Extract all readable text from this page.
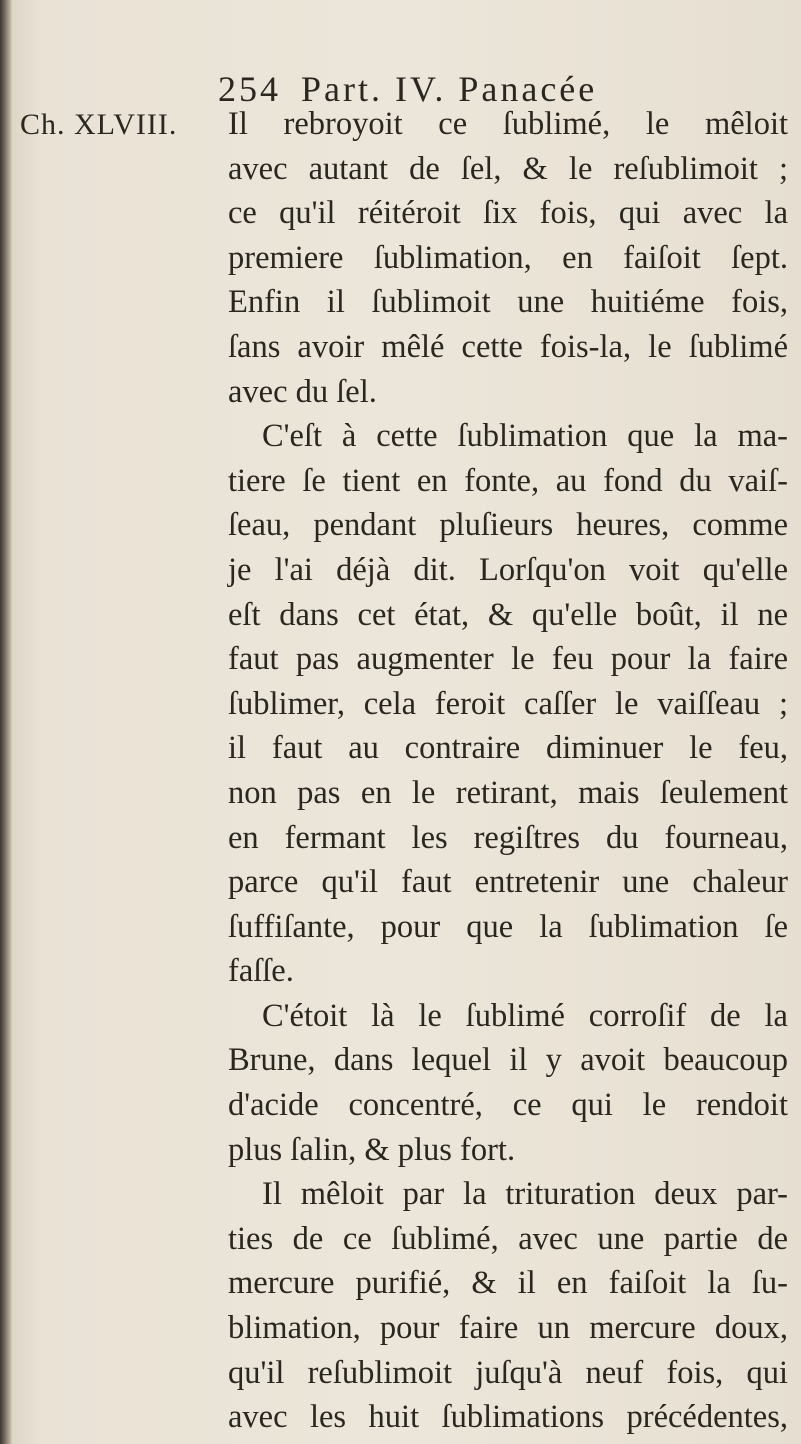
254 Part. IV. Panacée
Ch. XLVIII. Il rebroyoit ce ſublimé, le mêloit
avec autant de ſel, & le reſublimoit ;
ce qu'il réitéroit ſix fois, qui avec la
premiere ſublimation, en faiſoit ſept.
Enfin il ſublimoit une huitiéme fois,
ſans avoir mêlé cette fois-la, le ſublimé
avec du ſel.
C'eſt à cette ſublimation que la ma-
tiere ſe tient en fonte, au fond du vaiſ-
ſeau, pendant pluſieurs heures, comme
je l'ai déjà dit. Lorſqu'on voit qu'elle
eſt dans cet état, & qu'elle boût, il ne
faut pas augmenter le feu pour la faire
ſublimer, cela feroit caſſer le vaiſſeau ;
il faut au contraire diminuer le feu,
non pas en le retirant, mais ſeulement
en fermant les regiſtres du fourneau,
parce qu'il faut entretenir une chaleur
ſuffiſante, pour que la ſublimation ſe
faſſe.
C'étoit là le ſublimé corroſif de la
Brune, dans lequel il y avoit beaucoup
d'acide concentré, ce qui le rendoit
plus ſalin, & plus fort.
Il mêloit par la trituration deux par-
ties de ce ſublimé, avec une partie de
mercure purifié, & il en faiſoit la ſu-
blimation, pour faire un mercure doux,
qu'il reſublimoit juſqu'à neuf fois, qui
avec les huit ſublimations précédentes,
